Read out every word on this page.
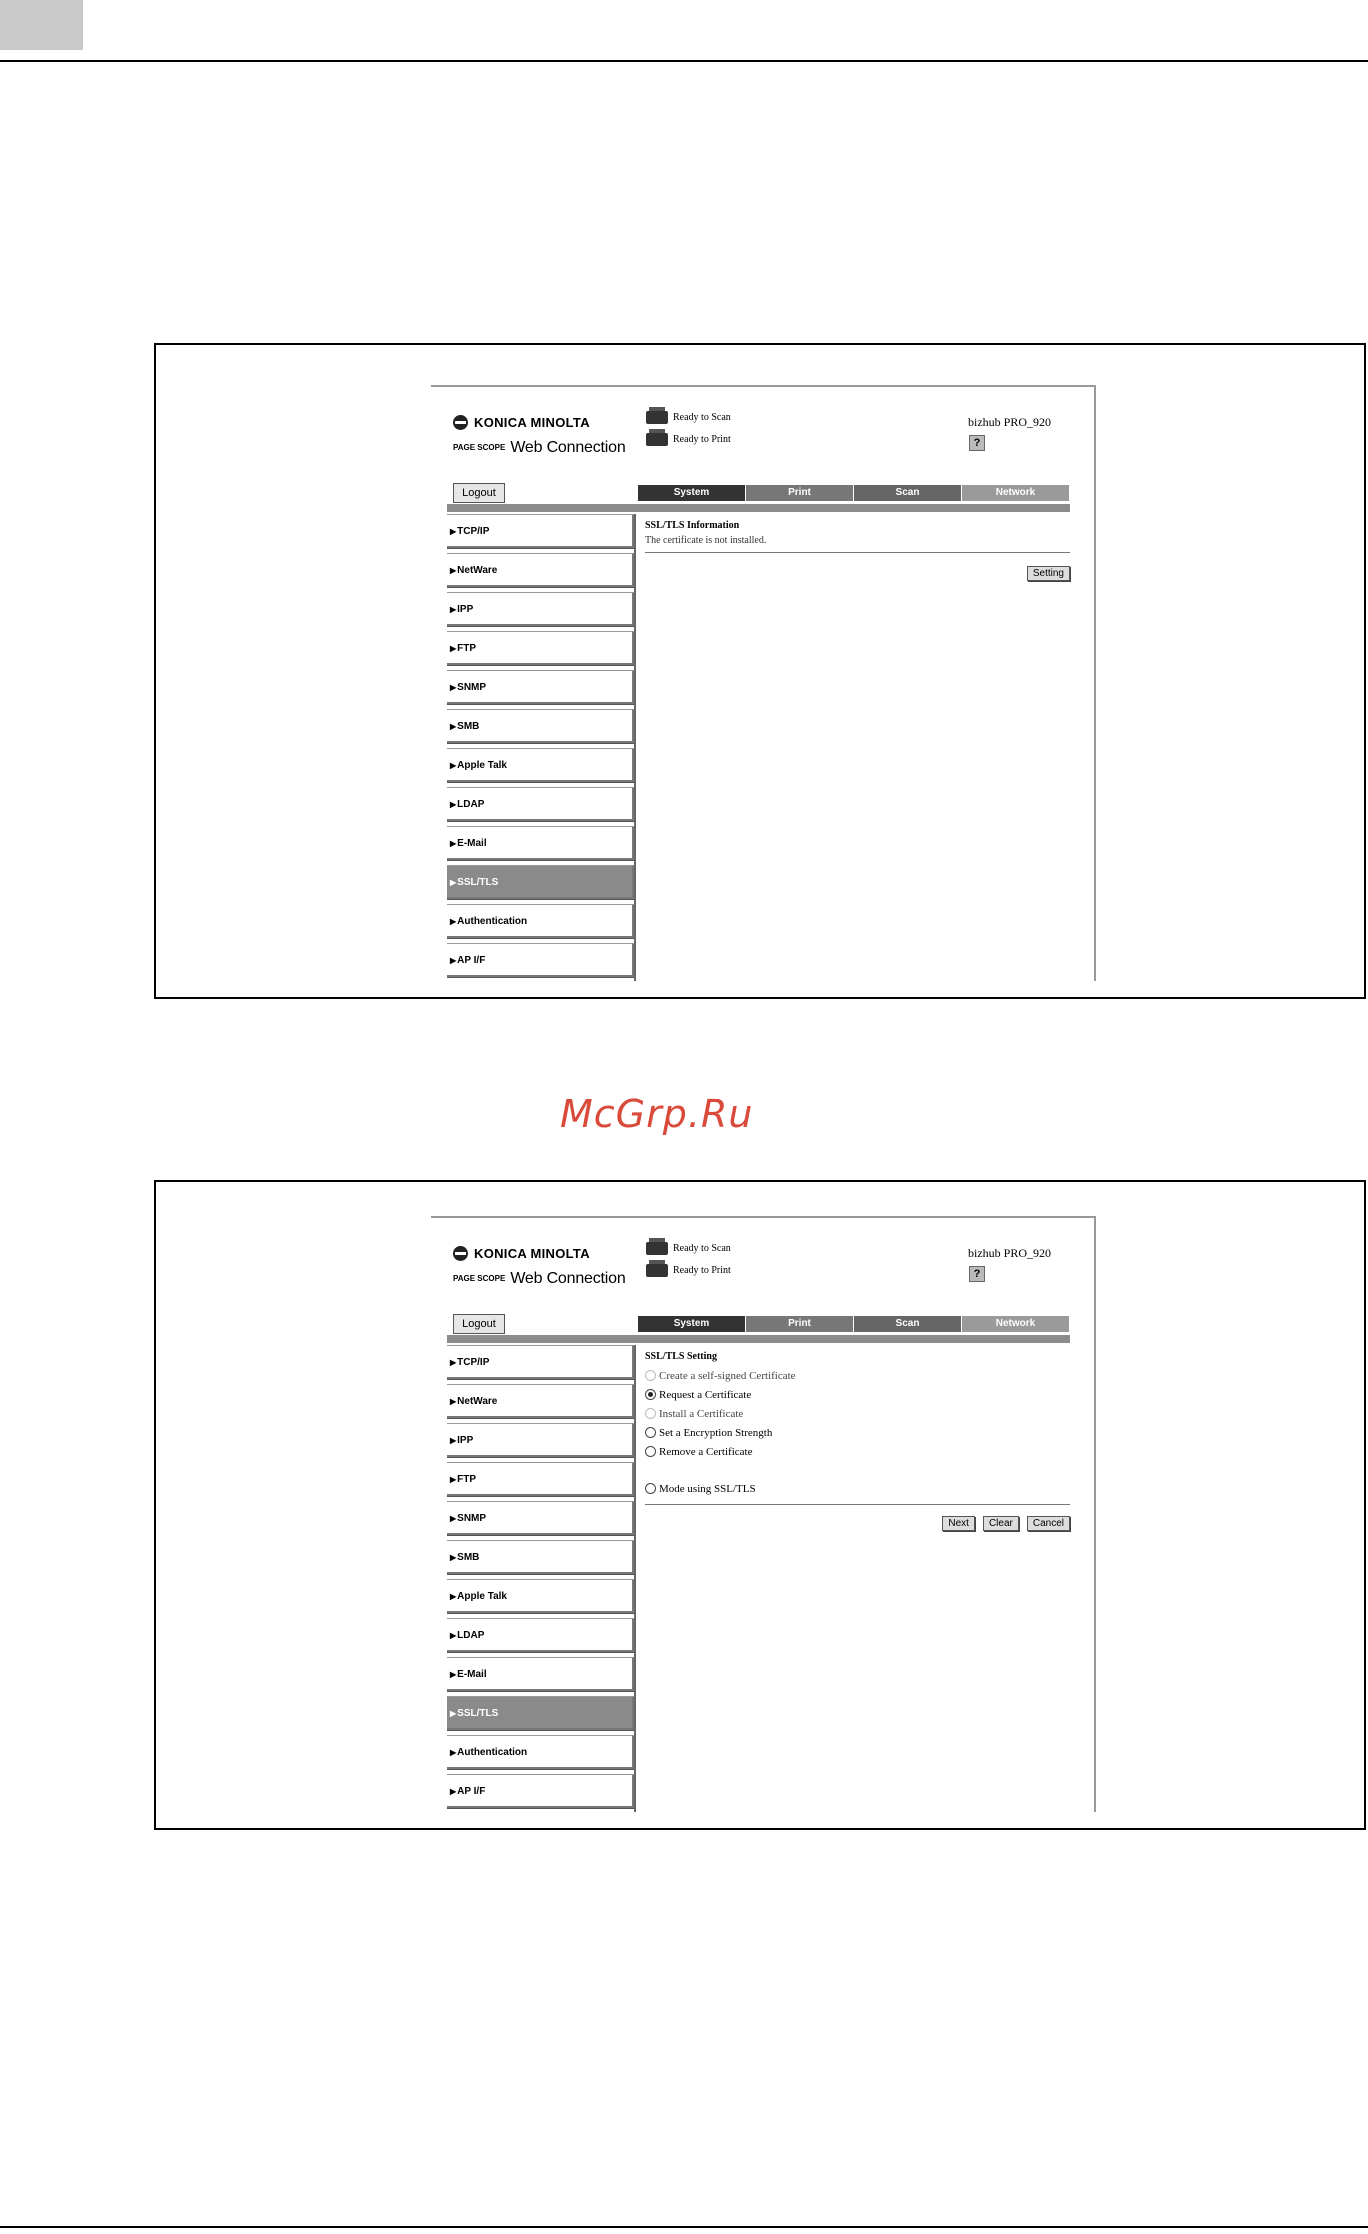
KONICA MINOLTA
PAGE SCOPE Web Connection
Ready to Scan
Ready to Print
bizhub PRO_920
?
Logout	System	Print	Scan	Network
▶TCP/IP
▶NetWare
▶IPP
▶FTP
▶SNMP
▶SMB
▶Apple Talk
▶LDAP
▶E-Mail
▶SSL/TLS
▶Authentication
▶AP I/F
SSL/TLS Information
The certificate is not installed.
Setting
McGrp.Ru
KONICA MINOLTA
PAGE SCOPE Web Connection
Ready to Scan
Ready to Print
bizhub PRO_920
?
Logout	System	Print	Scan	Network
▶TCP/IP
▶NetWare
▶IPP
▶FTP
▶SNMP
▶SMB
▶Apple Talk
▶LDAP
▶E-Mail
▶SSL/TLS
▶Authentication
▶AP I/F
SSL/TLS Setting
Create a self-signed Certificate
Request a Certificate
Install a Certificate
Set a Encryption Strength
Remove a Certificate
Mode using SSL/TLS
Next Clear Cancel
